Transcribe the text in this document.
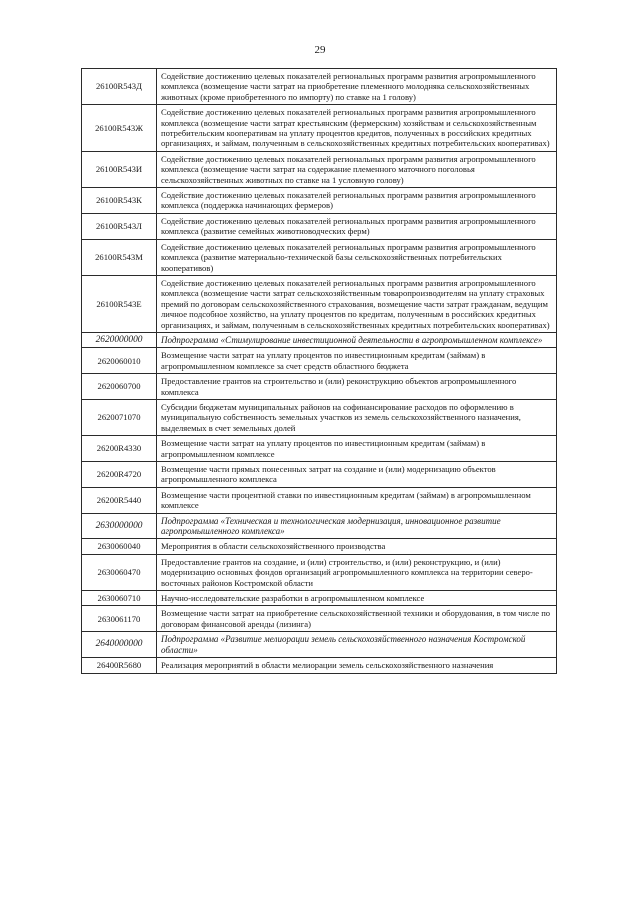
29
26100R543Д	Содействие достижению целевых показателей региональных программ развития агропромышленного комплекса (возмещение части затрат на приобретение племенного молодняка сельскохозяйственных животных (кроме приобретенного по импорту) по ставке на 1 голову)
26100R543Ж	Содействие достижению целевых показателей региональных программ развития агропромышленного комплекса (возмещение части затрат крестьянским (фермерским) хозяйствам и сельскохозяйственным потребительским кооперативам на уплату процентов кредитов, полученных в российских кредитных организациях, и займам, полученным в сельскохозяйственных кредитных потребительских кооперативах)
26100R543И	Содействие достижению целевых показателей региональных программ развития агропромышленного комплекса (возмещение части затрат на содержание племенного маточного поголовья сельскохозяйственных животных по ставке на 1 условную голову)
26100R543К	Содействие достижению целевых показателей региональных программ развития агропромышленного комплекса (поддержка начинающих фермеров)
26100R543Л	Содействие достижению целевых показателей региональных программ развития агропромышленного комплекса (развитие семейных животноводческих ферм)
26100R543М	Содействие достижению целевых показателей региональных программ развития агропромышленного комплекса (развитие материально-технической базы сельскохозяйственных потребительских кооперативов)
26100R543Е	Содействие достижению целевых показателей региональных программ развития агропромышленного комплекса (возмещение части затрат сельскохозяйственным товаропроизводителям на уплату страховых премий по договорам сельскохозяйственного страхования, возмещение части затрат гражданам, ведущим личное подсобное хозяйство, на уплату процентов по кредитам, полученным в российских кредитных организациях, и займам, полученным в сельскохозяйственных кредитных потребительских кооперативах)
2620000000	Подпрограмма «Стимулирование инвестиционной деятельности в агропромышленном комплексе»
2620060010	Возмещение части затрат на уплату процентов по инвестиционным кредитам (займам) в агропромышленном комплексе за счет средств областного бюджета
2620060700	Предоставление грантов на строительство и (или) реконструкцию объектов агропромышленного комплекса
2620071070	Субсидии бюджетам муниципальных районов на софинансирование расходов по оформлению в муниципальную собственность земельных участков из земель сельскохозяйственного назначения, выделяемых в счет земельных долей
26200R4330	Возмещение части затрат на уплату процентов по инвестиционным кредитам (займам) в агропромышленном комплексе
26200R4720	Возмещение части прямых понесенных затрат на создание и (или) модернизацию объектов агропромышленного комплекса
26200R5440	Возмещение части процентной ставки по инвестиционным кредитам (займам) в агропромышленном комплексе
2630000000	Подпрограмма «Техническая и технологическая модернизация, инновационное развитие агропромышленного комплекса»
2630060040	Мероприятия в области сельскохозяйственного производства
2630060470	Предоставление грантов на создание, и (или) строительство, и (или) реконструкцию, и (или) модернизацию основных фондов организаций агропромышленного комплекса на территории северо-восточных районов Костромской области
2630060710	Научно-исследовательские разработки в агропромышленном комплексе
2630061170	Возмещение части затрат на приобретение сельскохозяйственной техники и оборудования, в том числе по договорам финансовой аренды (лизинга)
2640000000	Подпрограмма «Развитие мелиорации земель сельскохозяйственного назначения Костромской области»
26400R5680	Реализация мероприятий в области мелиорации земель сельскохозяйственного назначения
